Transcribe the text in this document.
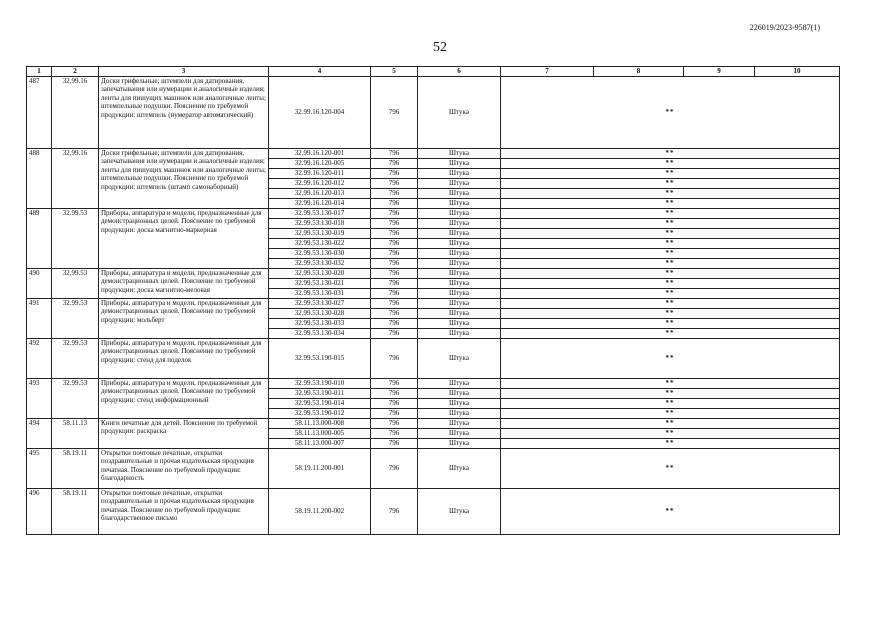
226019/2023-9587(1)
52
1	2	3	4	5	6	7	8	9	10
487	32.99.16	Доски грифельные; штемпели для датирования, запечатывания или нумерации и аналогичные изделия; ленты для пишущих машинок или аналогичные ленты; штемпельные подушки. Пояснение по требуемой продукции: штемпель (нумератор автоматический)	32.99.16.120-004	796	Штука	**			
488	32.99.16	Доски грифельные; штемпели для датирования, запечатывания или нумерации и аналогичные изделия; ленты для пишущих машинок или аналогичные ленты; штемпельные подушки. Пояснение по требуемой продукции: штемпель (штамп самонаборный)	32.99.16.120-001	796	Штука	**			
			32.99.16.120-005	796	Штука	**			
			32.99.16.120-011	796	Штука	**			
			32.99.16.120-012	796	Штука	**			
			32.99.16.120-013	796	Штука	**			
			32.99.16.120-014	796	Штука	**			
489	32.99.53	Приборы, аппаратура и модели, предназначенные для демонстрационных целей. Пояснение по требуемой продукции: доска магнитно-маркерная	32.99.53.130-017	796	Штука	**			
			32.99.53.130-018	796	Штука	**			
			32.99.53.130-019	796	Штука	**			
			32.99.53.130-022	796	Штука	**			
			32.99.53.130-030	796	Штука	**			
			32.99.53.130-032	796	Штука	**			
490	32.99.53	Приборы, аппаратура и модели, предназначенные для демонстрационных целей. Пояснение по требуемой продукции: доска магнитно-меловая	32.99.53.130-020	796	Штука	**			
			32.99.53.130-021	796	Штука	**			
			32.99.53.130-031	796	Штука	**			
491	32.99.53	Приборы, аппаратура и модели, предназначенные для демонстрационных целей. Пояснение по требуемой продукции: мольберт	32.99.53.130-027	796	Штука	**			
			32.99.53.130-028	796	Штука	**			
			32.99.53.130-033	796	Штука	**			
			32.99.53.130-034	796	Штука	**			
492	32.99.53	Приборы, аппаратура и модели, предназначенные для демонстрационных целей. Пояснение по требуемой продукции: стенд для поделок	32.99.53.190-015	796	Штука	**			
493	32.99.53	Приборы, аппаратура и модели, предназначенные для демонстрационных целей. Пояснение по требуемой продукции: стенд информационный	32.99.53.190-010	796	Штука	**			
			32.99.53.190-011	796	Штука	**			
			32.99.53.190-014	796	Штука	**			
			32.99.53.190-012	796	Штука	**			
494	58.11.13	Книги печатные для детей. Пояснение по требуемой продукции: раскраска	58.11.13.000-008	796	Штука	**			
			58.11.13.000-005	796	Штука	**			
			58.11.13.000-007	796	Штука	**			
495	58.19.11	Открытки почтовые печатные, открытки поздравительные и прочая издательская продукция печатная. Пояснение по требуемой продукции: благодарность	58.19.11.200-001	796	Штука	**			
496	58.19.11	Открытки почтовые печатные, открытки поздравительные и прочая издательская продукция печатная. Пояснение по требуемой продукции: благодарственное письмо	58.19.11.200-002	796	Штука	**			
